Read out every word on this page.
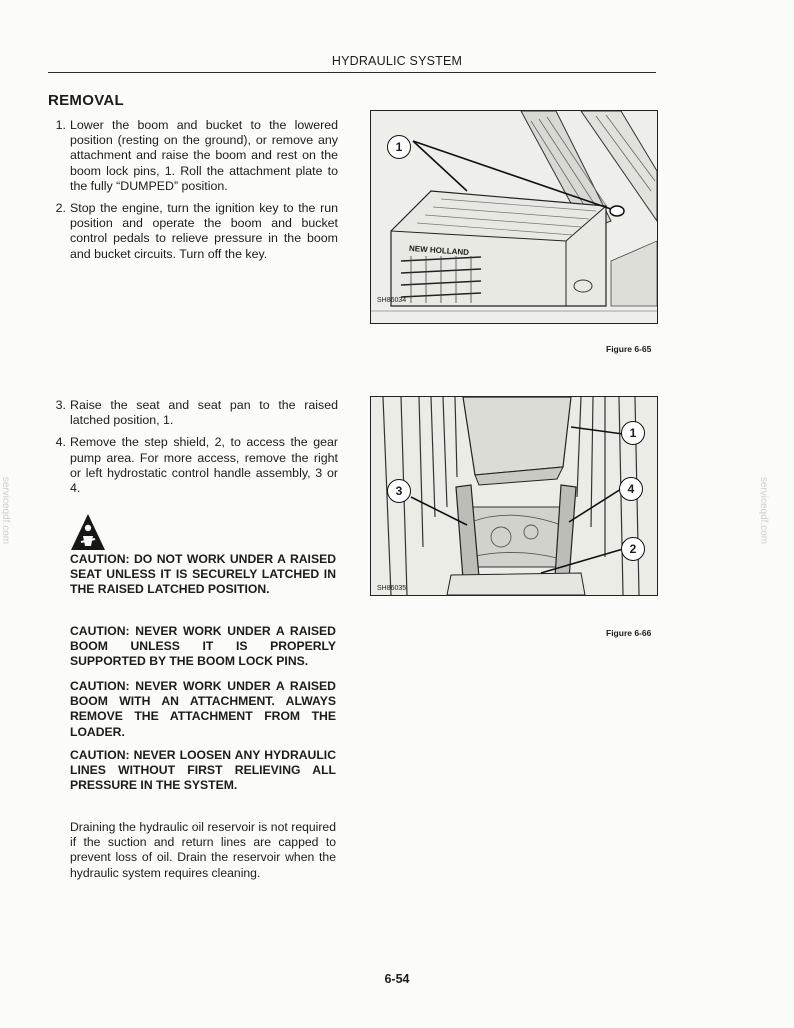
HYDRAULIC SYSTEM
REMOVAL
1. Lower the boom and bucket to the lowered position (resting on the ground), or remove any attachment and raise the boom and rest on the boom lock pins, 1. Roll the attachment plate to the fully “DUMPED” position.
2. Stop the engine, turn the ignition key to the run position and operate the boom and bucket control pedals to relieve pressure in the boom and bucket circuits. Turn off the key.
3. Raise the seat and seat pan to the raised latched position, 1.
4. Remove the step shield, 2, to access the gear pump area. For more access, remove the right or left hydrostatic control handle assembly, 3 or 4.
CAUTION: DO NOT WORK UNDER A RAISED SEAT UNLESS IT IS SECURELY LATCHED IN THE RAISED LATCHED POSITION.
CAUTION: NEVER WORK UNDER A RAISED BOOM UNLESS IT IS PROPERLY SUPPORTED BY THE BOOM LOCK PINS.
CAUTION: NEVER WORK UNDER A RAISED BOOM WITH AN ATTACHMENT. ALWAYS REMOVE THE ATTACHMENT FROM THE LOADER.
CAUTION: NEVER LOOSEN ANY HYDRAULIC LINES WITHOUT FIRST RELIEVING ALL PRESSURE IN THE SYSTEM.
Draining the hydraulic oil reservoir is not required if the suction and return lines are capped to prevent loss of oil. Drain the reservoir when the hydraulic system requires cleaning.
NEW HOLLAND
SH86034
1
Figure 6-65
SH86035
1
2
3	4
Figure 6-66
serviceqdf.com	serviceqdf.com
6-54
